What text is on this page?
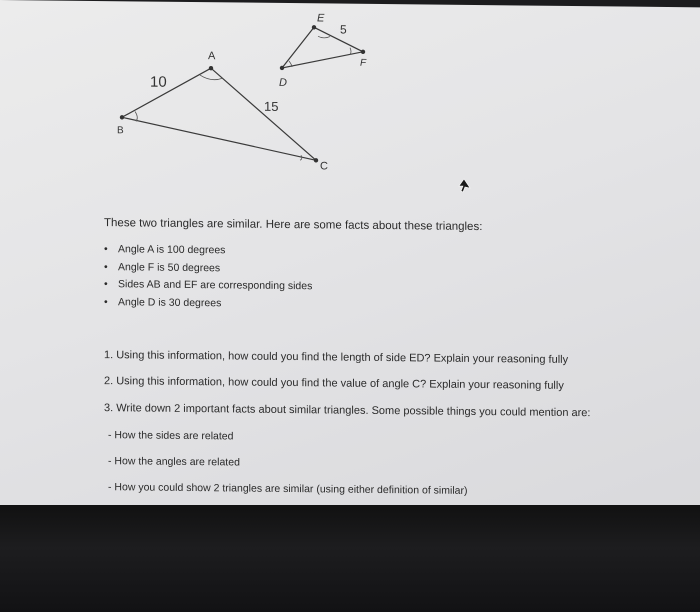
A
B
C
D
E
F
10
15
5
These two triangles are similar. Here are some facts about these triangles:
• Angle A is 100 degrees
• Angle F is 50 degrees
• Sides AB and EF are corresponding sides
• Angle D is 30 degrees
1. Using this information, how could you find the length of side ED? Explain your reasoning fully
2. Using this information, how could you find the value of angle C? Explain your reasoning fully
3. Write down 2 important facts about similar triangles. Some possible things you could mention are:
- How the sides are related
- How the angles are related
- How you could show 2 triangles are similar (using either definition of similar)
